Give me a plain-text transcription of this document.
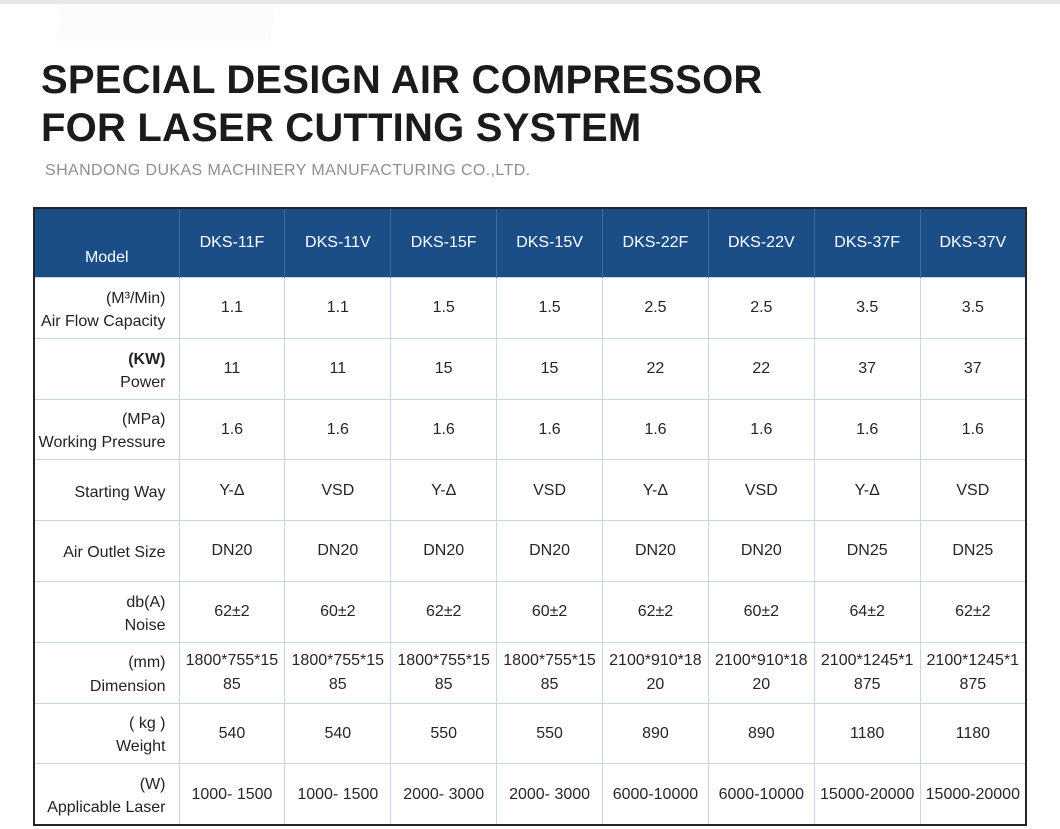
SPECIAL DESIGN AIR COMPRESSOR
FOR LASER CUTTING SYSTEM
SHANDONG DUKAS MACHINERY MANUFACTURING CO.,LTD.
Model	DKS-11F	DKS-11V	DKS-15F	DKS-15V	DKS-22F	DKS-22V	DKS-37F	DKS-37V

(M³/Min)
Air Flow Capacity	1.1	1.1	1.5	1.5	2.5	2.5	3.5	3.5

(KW)
Power	11	11	15	15	22	22	37	37

(MPa)
Working Pressure	1.6	1.6	1.6	1.6	1.6	1.6	1.6	1.6

Starting Way	Y-Δ	VSD	Y-Δ	VSD	Y-Δ	VSD	Y-Δ	VSD

Air Outlet Size	DN20	DN20	DN20	DN20	DN20	DN20	DN25	DN25

db(A)
Noise	62±2	60±2	62±2	60±2	62±2	60±2	64±2	62±2

(mm)
Dimension	1800*755*1585	1800*755*1585	1800*755*1585	1800*755*1585	2100*910*1820	2100*910*1820	2100*1245*1875	2100*1245*1875

( kg )
Weight	540	540	550	550	890	890	1180	1180

(W)
Applicable Laser	1000- 1500	1000- 1500	2000- 3000	2000- 3000	6000-10000	6000-10000	15000-20000	15000-20000
